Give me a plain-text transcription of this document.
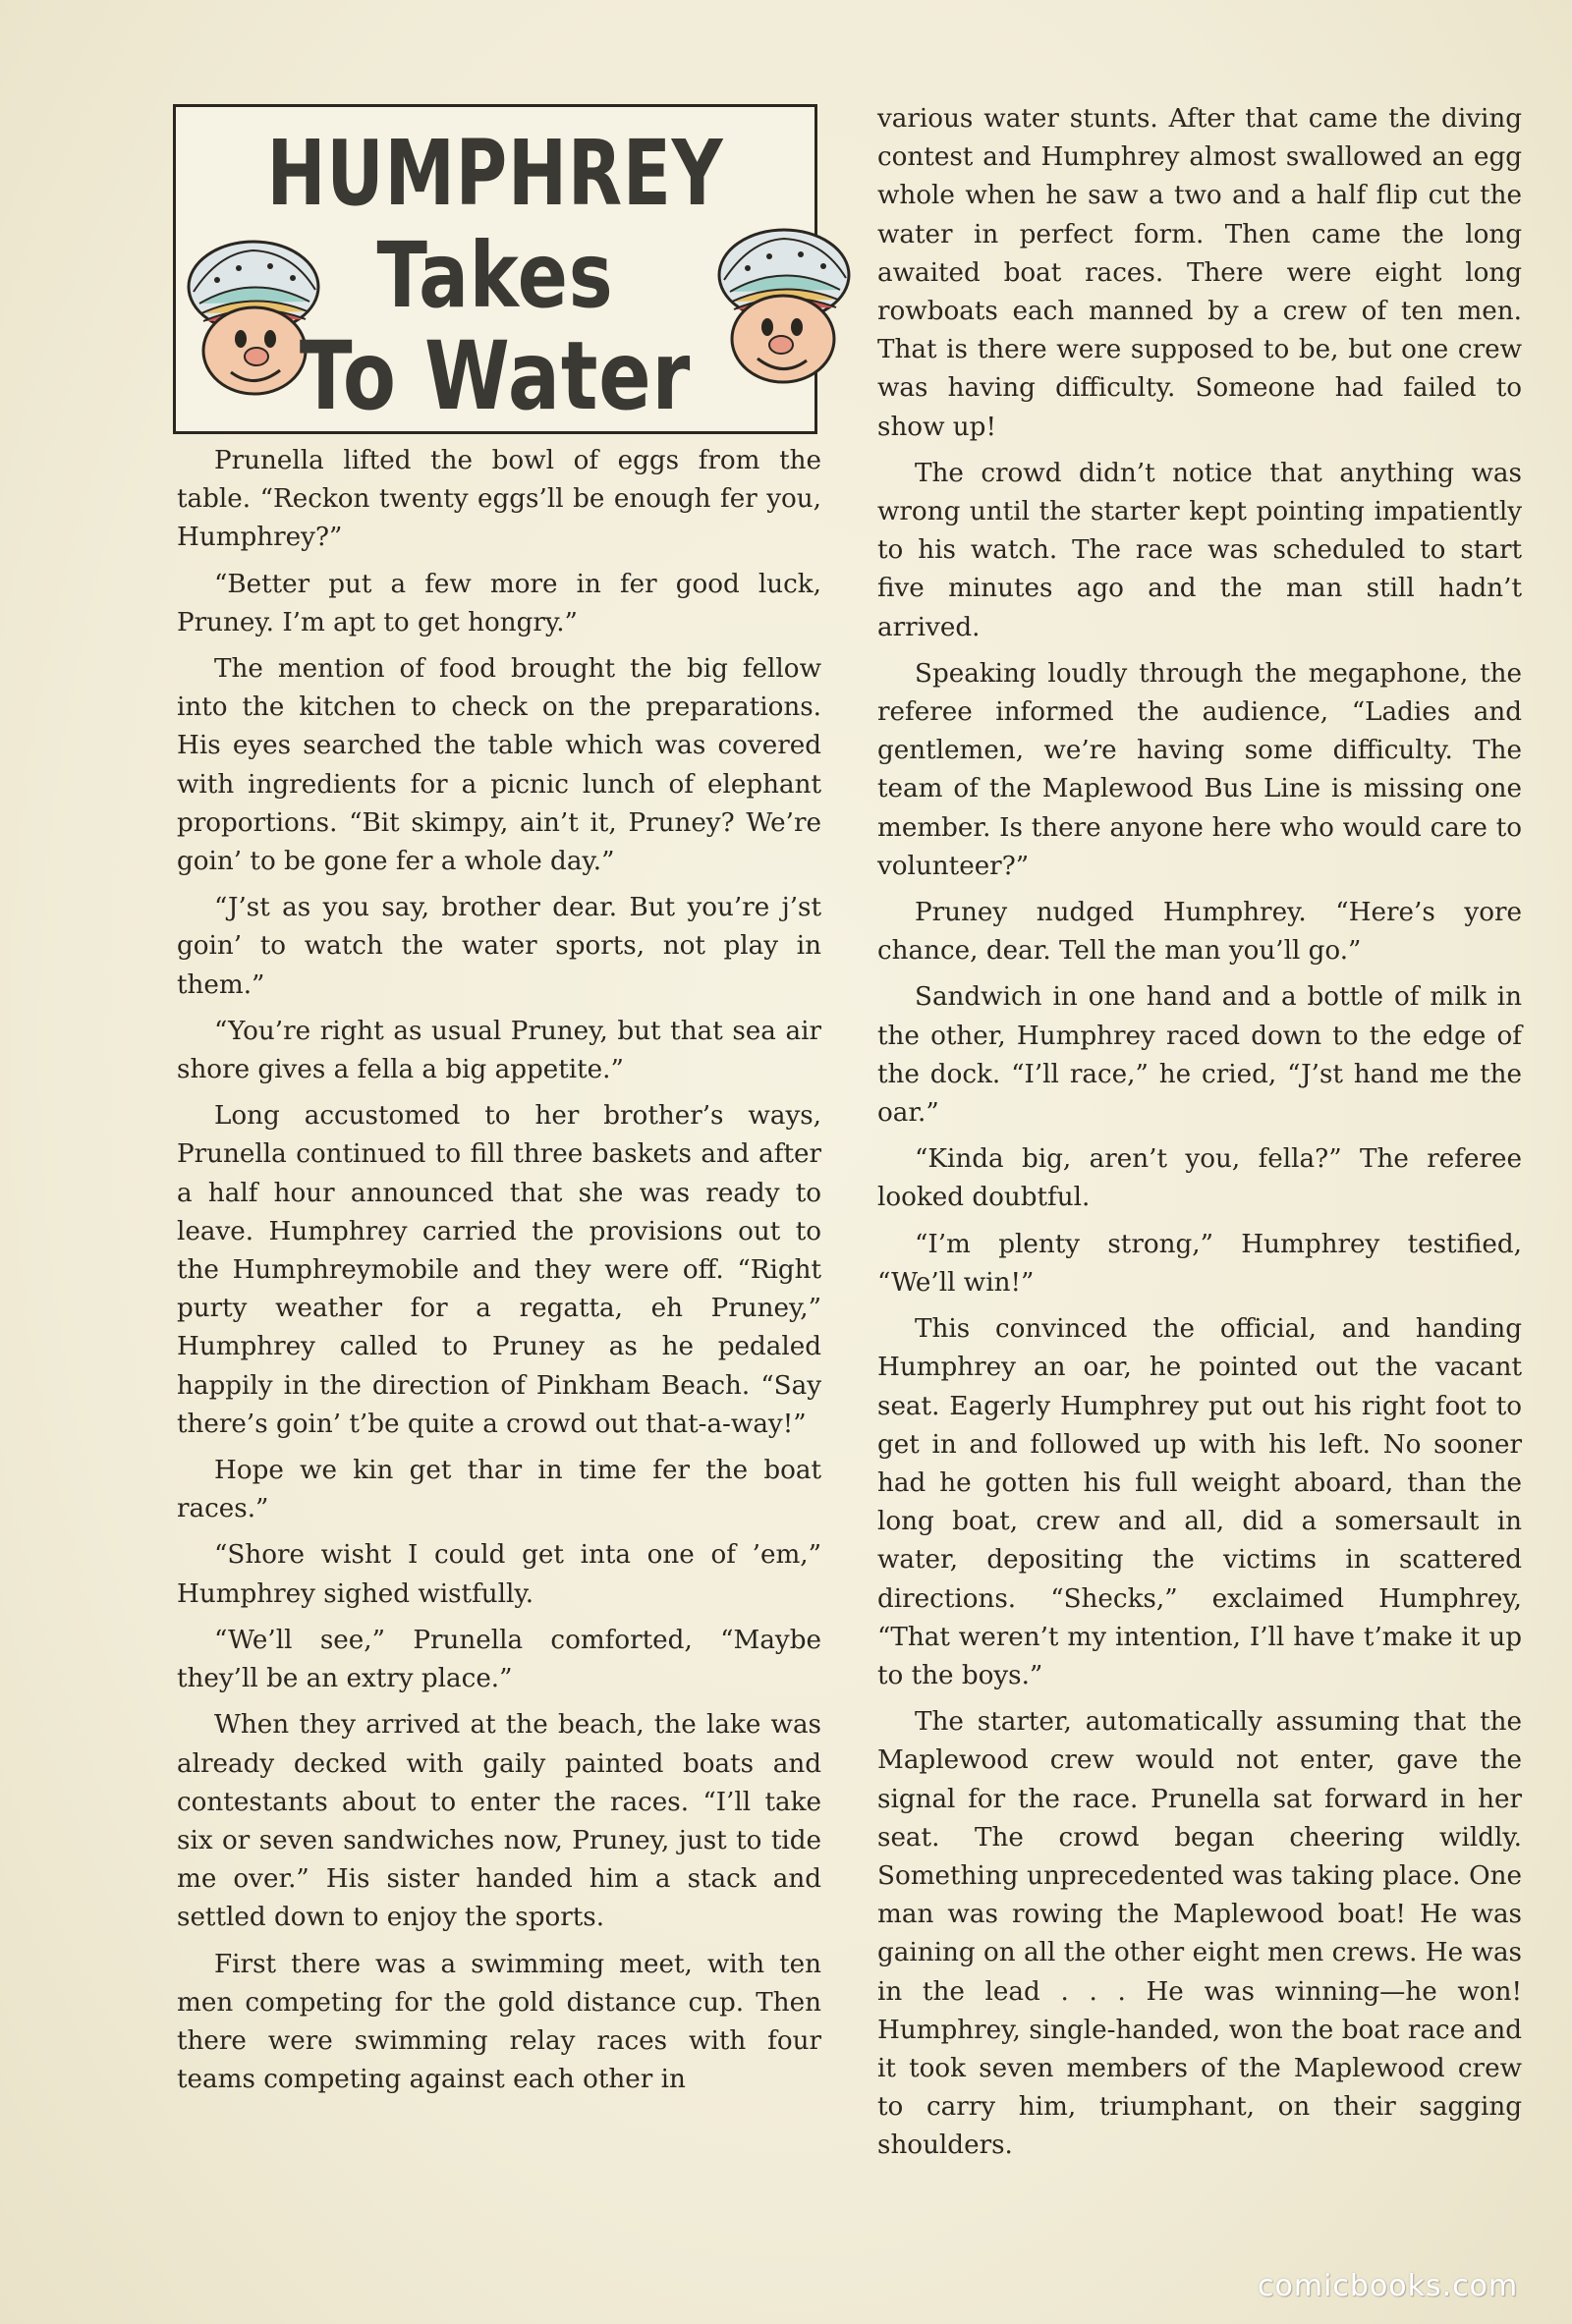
HUMPHREY
Takes
To Water

Prunella lifted the bowl of eggs from the table. “Reckon twenty eggs’ll be enough fer you, Humphrey?”

“Better put a few more in fer good luck, Pruney. I’m apt to get hongry.”

The mention of food brought the big fellow into the kitchen to check on the preparations. His eyes searched the table which was covered with ingredients for a picnic lunch of elephant proportions. “Bit skimpy, ain’t it, Pruney? We’re goin’ to be gone fer a whole day.”

“J’st as you say, brother dear. But you’re j’st goin’ to watch the water sports, not play in them.”

“You’re right as usual Pruney, but that sea air shore gives a fella a big appetite.”

Long accustomed to her brother’s ways, Prunella continued to fill three baskets and after a half hour announced that she was ready to leave. Humphrey carried the provisions out to the Humphreymobile and they were off. “Right purty weather for a regatta, eh Pruney,” Humphrey called to Pruney as he pedaled happily in the direction of Pinkham Beach. “Say there’s goin’ t’be quite a crowd out that-a-way!”

Hope we kin get thar in time fer the boat races.”

“Shore wisht I could get inta one of ’em,” Humphrey sighed wistfully.

“We’ll see,” Prunella comforted, “Maybe they’ll be an extry place.”

When they arrived at the beach, the lake was already decked with gaily painted boats and contestants about to enter the races. “I’ll take six or seven sandwiches now, Pruney, just to tide me over.” His sister handed him a stack and settled down to enjoy the sports.

First there was a swimming meet, with ten men competing for the gold distance cup. Then there were swimming relay races with four teams competing against each other in

various water stunts. After that came the diving contest and Humphrey almost swallowed an egg whole when he saw a two and a half flip cut the water in perfect form. Then came the long awaited boat races. There were eight long rowboats each manned by a crew of ten men. That is there were supposed to be, but one crew was having difficulty. Someone had failed to show up!

The crowd didn’t notice that anything was wrong until the starter kept pointing impatiently to his watch. The race was scheduled to start five minutes ago and the man still hadn’t arrived.

Speaking loudly through the megaphone, the referee informed the audience, “Ladies and gentlemen, we’re having some difficulty. The team of the Maplewood Bus Line is missing one member. Is there anyone here who would care to volunteer?”

Pruney nudged Humphrey. “Here’s yore chance, dear. Tell the man you’ll go.”

Sandwich in one hand and a bottle of milk in the other, Humphrey raced down to the edge of the dock. “I’ll race,” he cried, “J’st hand me the oar.”

“Kinda big, aren’t you, fella?” The referee looked doubtful.

“I’m plenty strong,” Humphrey testified, “We’ll win!”

This convinced the official, and handing Humphrey an oar, he pointed out the vacant seat. Eagerly Humphrey put out his right foot to get in and followed up with his left. No sooner had he gotten his full weight aboard, than the long boat, crew and all, did a somersault in water, depositing the victims in scattered directions. “Shecks,” exclaimed Humphrey, “That weren’t my intention, I’ll have t’make it up to the boys.”

The starter, automatically assuming that the Maplewood crew would not enter, gave the signal for the race. Prunella sat forward in her seat. The crowd began cheering wildly. Something unprecedented was taking place. One man was rowing the Maplewood boat! He was gaining on all the other eight men crews. He was in the lead . . . He was winning—he won! Humphrey, single-handed, won the boat race and it took seven members of the Maplewood crew to carry him, triumphant, on their sagging shoulders.

comicbooks.com
